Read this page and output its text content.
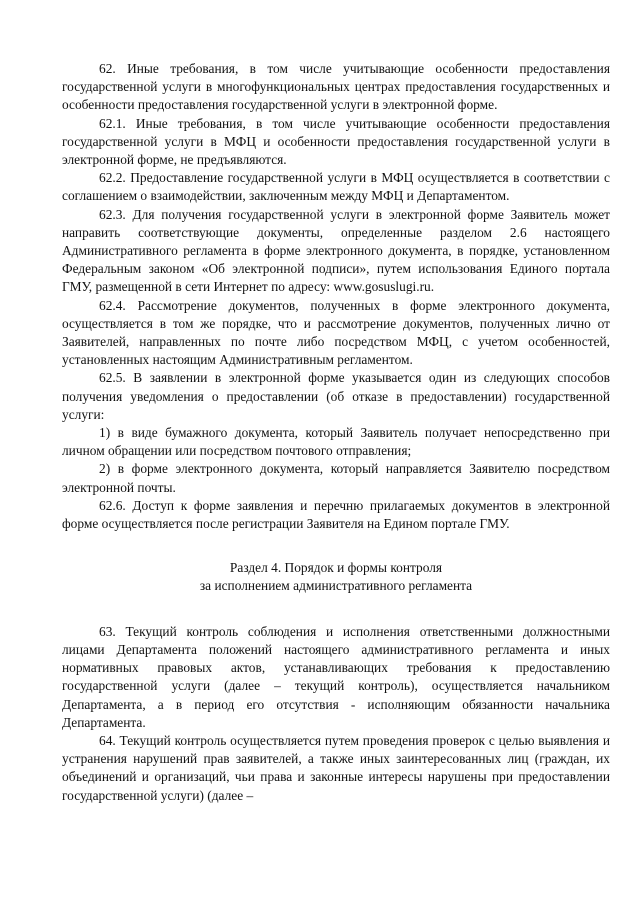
62. Иные требования, в том числе учитывающие особенности предоставления государственной услуги в многофункциональных центрах предоставления государственных и особенности предоставления государственной услуги в электронной форме.

62.1. Иные требования, в том числе учитывающие особенности предоставления государственной услуги в МФЦ и особенности предоставления государственной услуги в электронной форме, не предъявляются.

62.2. Предоставление государственной услуги в МФЦ осуществляется в соответствии с соглашением о взаимодействии, заключенным между МФЦ и Департаментом.

62.3. Для получения государственной услуги в электронной форме Заявитель может направить соответствующие документы, определенные разделом 2.6 настоящего Административного регламента в форме электронного документа, в порядке, установленном Федеральным законом «Об электронной подписи», путем использования Единого портала ГМУ, размещенной в сети Интернет по адресу: www.gosuslugi.ru.

62.4. Рассмотрение документов, полученных в форме электронного документа, осуществляется в том же порядке, что и рассмотрение документов, полученных лично от Заявителей, направленных по почте либо посредством МФЦ, с учетом особенностей, установленных настоящим Административным регламентом.

62.5. В заявлении в электронной форме указывается один из следующих способов получения уведомления о предоставлении (об отказе в предоставлении) государственной услуги:

1) в виде бумажного документа, который Заявитель получает непосредственно при личном обращении или посредством почтового отправления;

2) в форме электронного документа, который направляется Заявителю посредством электронной почты.

62.6. Доступ к форме заявления и перечню прилагаемых документов в электронной форме осуществляется после регистрации Заявителя на Едином портале ГМУ.

Раздел 4. Порядок и формы контроля
за исполнением административного регламента

63. Текущий контроль соблюдения и исполнения ответственными должностными лицами Департамента положений настоящего административного регламента и иных нормативных правовых актов, устанавливающих требования к предоставлению государственной услуги (далее – текущий контроль), осуществляется начальником Департамента, а в период его отсутствия - исполняющим обязанности начальника Департамента.

64. Текущий контроль осуществляется путем проведения проверок с целью выявления и устранения нарушений прав заявителей, а также иных заинтересованных лиц (граждан, их объединений и организаций, чьи права и законные интересы нарушены при предоставлении государственной услуги) (далее –
